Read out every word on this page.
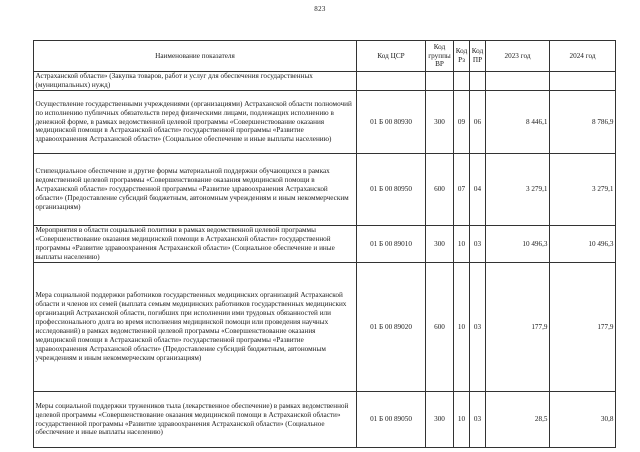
823
Наименование показателя	Код ЦСР	Код группы ВР	Код Рз	Код ПР	2023 год	2024 год
Астраханской области» (Закупка товаров, работ и услуг для обеспечения государственных (муниципальных) нужд)						
Осуществление государственными учреждениями (организациями) Астраханской области полномочий по исполнению публичных обязательств перед физическими лицами, подлежащих исполнению в денежной форме, в рамках ведомственной целевой программы «Совершенствование оказания медицинской помощи в Астраханской области» государственной программы «Развитие здравоохранения Астраханской области» (Социальное обеспечение и иные выплаты населению)	01 Б 00 80930	300	09	06	8 446,1	8 786,9
Стипендиальное обеспечение и другие формы материальной поддержки обучающихся в рамках ведомственной целевой программы «Совершенствование оказания медицинской помощи в Астраханской области» государственной программы «Развитие здравоохранения Астраханской области» (Предоставление субсидий бюджетным, автономным учреждениям и иным некоммерческим организациям)	01 Б 00 80950	600	07	04	3 279,1	3 279,1
Мероприятия в области социальной политики в рамках ведомственной целевой программы «Совершенствование оказания медицинской помощи в Астраханской области» государственной программы «Развитие здравоохранения Астраханской области» (Социальное обеспечение и иные выплаты населению)	01 Б 00 89010	300	10	03	10 496,3	10 496,3
Мера социальной поддержки работников государственных медицинских организаций Астраханской области и членов их семей (выплата семьям медицинских работников государственных медицинских организаций Астраханской области, погибших при исполнении ими трудовых обязанностей или профессионального долга во время исполнения медицинской помощи или проведения научных исследований) в рамках ведомственной целевой программы «Совершенствование оказания медицинской помощи в Астраханской области» государственной программы «Развитие здравоохранения Астраханской области» (Предоставление субсидий бюджетным, автономным учреждениям и иным некоммерческим организациям)	01 Б 00 89020	600	10	03	177,9	177,9
Меры социальной поддержки тружеников тыла (лекарственное обеспечение) в рамках ведомственной целевой программы «Совершенствование оказания медицинской помощи в Астраханской области» государственной программы «Развитие здравоохранения Астраханской области» (Социальное обеспечение и иные выплаты населению)	01 Б 00 89050	300	10	03	28,5	30,8
